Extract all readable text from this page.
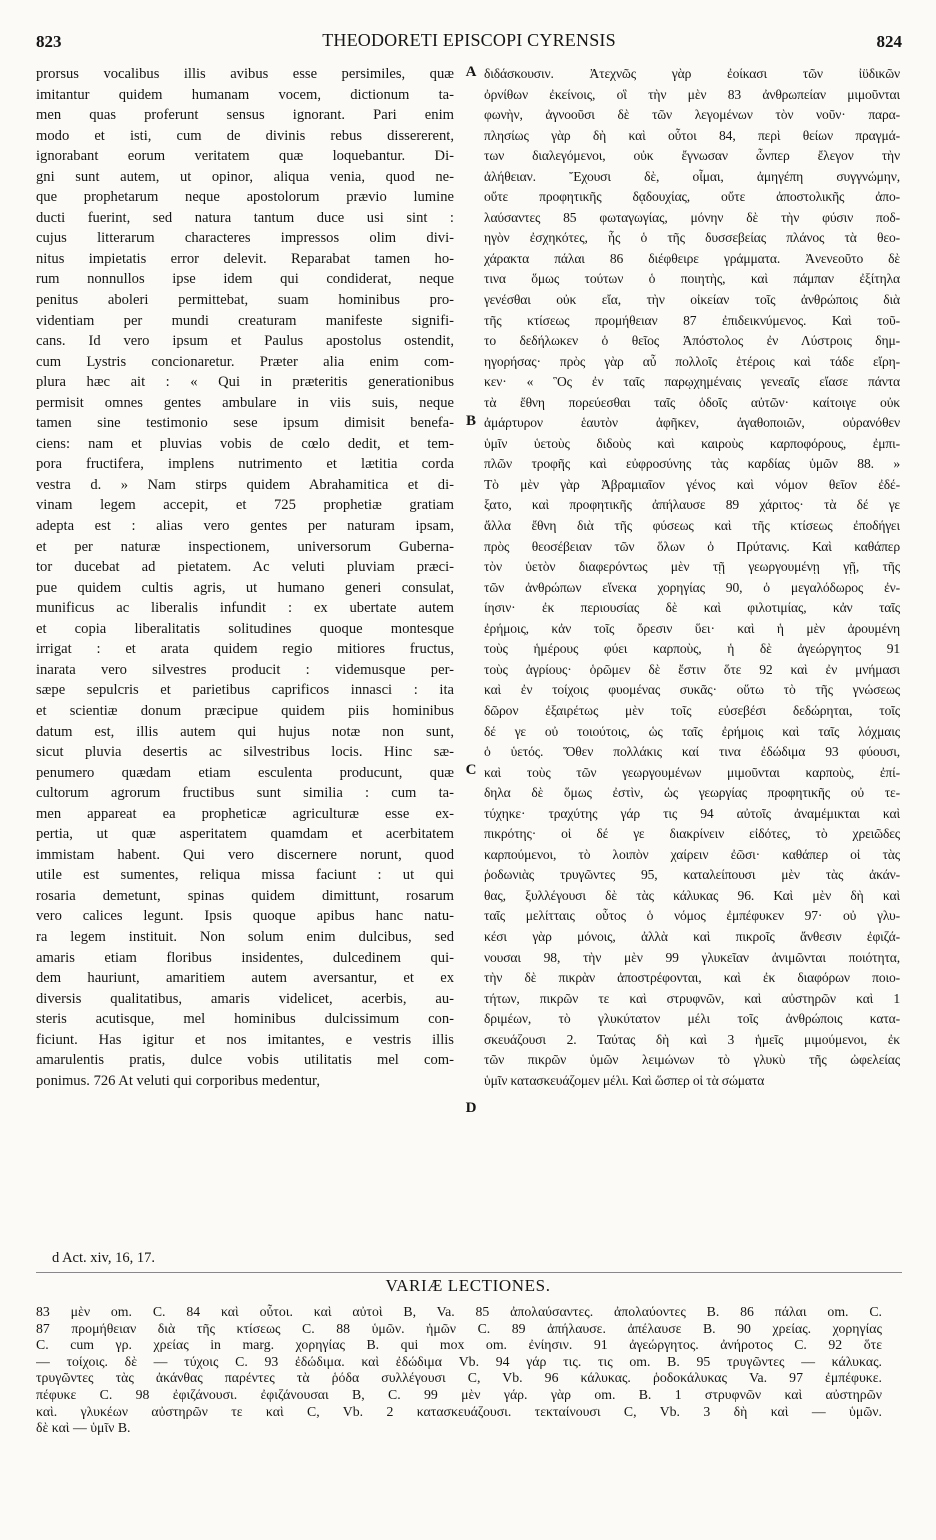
823	THEODORETI EPISCOPI CYRENSIS	824
prorsus vocalibus illis avibus esse persimiles, quæ
imitantur quidem humanam vocem, dictionum ta-
men quas proferunt sensus ignorant. Pari enim
modo et isti, cum de divinis rebus dissererent,
ignorabant eorum veritatem quæ loquebantur. Di-
gni sunt autem, ut opinor, aliqua venia, quod ne-
que prophetarum neque apostolorum prævio lumine
ducti fuerint, sed natura tantum duce usi sint :
cujus litterarum characteres impressos olim divi-
nitus impietatis error delevit. Reparabat tamen ho-
rum nonnullos ipse idem qui condiderat, neque
penitus aboleri permittebat, suam hominibus pro-
videntiam per mundi creaturam manifeste signifi-
cans. Id vero ipsum et Paulus apostolus ostendit,
cum Lystris concionaretur. Præter alia enim com-
plura hæc ait : « Qui in præteritis generationibus
permisit omnes gentes ambulare in viis suis, neque
tamen sine testimonio sese ipsum dimisit benefa-
ciens: nam et pluvias vobis de cœlo dedit, et tem-
pora fructifera, implens nutrimento et lætitia corda
vestra d. » Nam stirps quidem Abrahamitica et di-
vinam legem accepit, et 725 prophetiæ gratiam
adepta est : alias vero gentes per naturam ipsam,
et per naturæ inspectionem, universorum Guberna-
tor ducebat ad pietatem. Ac veluti pluviam præci-
pue quidem cultis agris, ut humano generi consulat,
munificus ac liberalis infundit : ex ubertate autem
et copia liberalitatis solitudines quoque montesque
irrigat : et arata quidem regio mitiores fructus,
inarata vero silvestres producit : videmusque per-
sæpe sepulcris et parietibus caprificos innasci : ita
et scientiæ donum præcipue quidem piis hominibus
datum est, illis autem qui hujus notæ non sunt,
sicut pluvia desertis ac silvestribus locis. Hinc sæ-
penumero quædam etiam esculenta producunt, quæ
cultorum agrorum fructibus sunt similia : cum ta-
men appareat ea propheticæ agriculturæ esse ex-
pertia, ut quæ asperitatem quamdam et acerbitatem
immistam habent. Qui vero discernere norunt, quod
utile est sumentes, reliqua missa faciunt : ut qui
rosaria demetunt, spinas quidem dimittunt, rosarum
vero calices legunt. Ipsis quoque apibus hanc natu-
ra legem instituit. Non solum enim dulcibus, sed
amaris etiam floribus insidentes, dulcedinem qui-
dem hauriunt, amaritiem autem aversantur, et ex
diversis qualitatibus, amaris videlicet, acerbis, au-
steris acutisque, mel hominibus dulcissimum con-
ficiunt. Has igitur et nos imitantes, e vestris illis
amarulentis pratis, dulce vobis utilitatis mel com-
ponimus. 726 At veluti qui corporibus medentur,
διδάσκουσιν. Ἀτεχνῶς γὰρ ἐοίκασι τῶν ἰϋδικῶν
ὀρνίθων ἐκείνοις, οἳ τὴν μὲν 83 ἀνθρωπείαν μιμοῦνται
φωνὴν, ἀγνοοῦσι δὲ τῶν λεγομένων τὸν νοῦν· παρα-
πλησίως γὰρ δὴ καὶ οὗτοι 84, περὶ θείων πραγμά-
των διαλεγόμενοι, οὐκ ἔγνωσαν ὧνπερ ἔλεγον τὴν
ἀλήθειαν. Ἔχουσι δὲ, οἶμαι, ἀμηγέπη συγγνώμην,
οὔτε προφητικῆς δᾳδουχίας, οὔτε ἀποστολικῆς ἀπο-
λαύσαντες 85 φωταγωγίας, μόνην δὲ τὴν φύσιν ποδ-
ηγὸν ἐσχηκότες, ἧς ὁ τῆς δυσσεβείας πλάνος τὰ θεο-
χάρακτα πάλαι 86 διέφθειρε γράμματα. Ἀνενεοῦτο δὲ
τινα ὅμως τούτων ὁ ποιητὴς, καὶ πάμπαν ἐξίτηλα
γενέσθαι οὐκ εἴα, τὴν οἰκείαν τοῖς ἀνθρώποις διὰ
τῆς κτίσεως προμήθειαν 87 ἐπιδεικνύμενος. Καὶ τοῦ-
το δεδήλωκεν ὁ θεῖος Ἀπόστολος ἐν Λύστροις δημ-
ηγορήσας· πρὸς γὰρ αὖ πολλοῖς ἑτέροις καὶ τάδε εἴρη-
κεν· « Ὃς ἐν ταῖς παρῳχημέναις γενεαῖς εἴασε πάντα
τὰ ἔθνη πορεύεσθαι ταῖς ὁδοῖς αὐτῶν· καίτοιγε οὐκ
ἀμάρτυρον ἑαυτὸν ἀφῆκεν, ἀγαθοποιῶν, οὐρανόθεν
ὑμῖν ὑετοὺς διδοὺς καὶ καιροὺς καρποφόρους, ἐμπι-
πλῶν τροφῆς καὶ εὐφροσύνης τὰς καρδίας ὑμῶν 88. »
Τὸ μὲν γὰρ Ἀβραμιαῖον γένος καὶ νόμον θεῖον ἐδέ-
ξατο, καὶ προφητικῆς ἀπήλαυσε 89 χάριτος· τὰ δέ γε
ἄλλα ἔθνη διὰ τῆς φύσεως καὶ τῆς κτίσεως ἐποδήγει
πρὸς θεοσέβειαν τῶν ὅλων ὁ Πρύτανις. Καὶ καθάπερ
τὸν ὑετὸν διαφερόντως μὲν τῇ γεωργουμένῃ γῇ, τῆς
τῶν ἀνθρώπων εἵνεκα χορηγίας 90, ὁ μεγαλόδωρος ἐν-
ίησιν· ἐκ περιουσίας δὲ καὶ φιλοτιμίας, κἀν ταῖς
ἐρήμοις, κἀν τοῖς ὄρεσιν ὕει· καὶ ἡ μὲν ἀρουμένη
τοὺς ἡμέρους φύει καρποὺς, ἡ δὲ ἀγεώργητος 91
τοὺς ἀγρίους· ὁρῶμεν δὲ ἔστιν ὅτε 92 καὶ ἐν μνήμασι
καὶ ἐν τοίχοις φυομένας συκᾶς· οὕτω τὸ τῆς γνώσεως
δῶρον ἐξαιρέτως μὲν τοῖς εὐσεβέσι δεδώρηται, τοῖς
δέ γε οὐ τοιούτοις, ὡς ταῖς ἐρήμοις καὶ ταῖς λόχμαις
ὁ ὑετός. Ὅθεν πολλάκις καί τινα ἐδώδιμα 93 φύουσι,
καὶ τοὺς τῶν γεωργουμένων μιμοῦνται καρποὺς, ἐπί-
δηλα δὲ ὅμως ἐστὶν, ὡς γεωργίας προφητικῆς οὐ τε-
τύχηκε· τραχύτης γάρ τις 94 αὐτοῖς ἀναμέμικται καὶ
πικρότης· οἱ δέ γε διακρίνειν εἰδότες, τὸ χρειῶδες
καρπούμενοι, τὸ λοιπὸν χαίρειν ἐῶσι· καθάπερ οἱ τὰς
ῥοδωνιὰς τρυγῶντες 95, καταλείπουσι μὲν τὰς ἀκάν-
θας, ξυλλέγουσι δὲ τὰς κάλυκας 96. Καὶ μὲν δὴ καὶ
ταῖς μελίτταις οὗτος ὁ νόμος ἐμπέφυκεν 97· οὐ γλυ-
κέσι γὰρ μόνοις, ἀλλὰ καὶ πικροῖς ἄνθεσιν ἐφιζά-
νουσαι 98, τὴν μὲν 99 γλυκεῖαν ἀνιμῶνται ποιότητα,
τὴν δὲ πικρὰν ἀποστρέφονται, καὶ ἐκ διαφόρων ποιο-
τήτων, πικρῶν τε καὶ στρυφνῶν, καὶ αὐστηρῶν καὶ 1
δριμέων, τὸ γλυκύτατον μέλι τοῖς ἀνθρώποις κατα-
σκευάζουσι 2. Ταύτας δὴ καὶ 3 ἡμεῖς μιμούμενοι, ἐκ
τῶν πικρῶν ὑμῶν λειμώνων τὸ γλυκὺ τῆς ὠφελείας
ὑμῖν κατασκευάζομεν μέλι. Καὶ ὥσπερ οἱ τὰ σώματα
A
B
C
D
d Act. xiv, 16, 17.
VARIÆ LECTIONES.
83 μὲν om. C. 84 καὶ οὗτοι. καὶ αὐτοὶ B, Va. 85 ἀπολαύσαντες. ἀπολαύοντες B. 86 πάλαι om. C.
87 προμήθειαν διὰ τῆς κτίσεως C. 88 ὑμῶν. ἡμῶν C. 89 ἀπήλαυσε. ἀπέλαυσε B. 90 χρείας. χορηγίας
C. cum γρ. χρείας in marg. χορηγίας B. qui mox om. ἐνίησιν. 91 ἀγεώργητος. ἀνήροτος C. 92 ὅτε
— τοίχοις. δὲ — τύχοις C. 93 ἐδώδιμα. καὶ ἐδώδιμα Vb. 94 γάρ τις. τις om. B. 95 τρυγῶντες — κάλυκας.
τρυγῶντες τὰς ἀκάνθας παρέντες τὰ ῥόδα συλλέγουσι C, Vb. 96 κάλυκας. ῥοδοκάλυκας Va. 97 ἐμπέφυκε.
πέφυκε C. 98 ἐφιζάνουσι. ἐφιζάνουσαι B, C. 99 μὲν γάρ. γὰρ om. B. 1 στρυφνῶν καὶ αὐστηρῶν
καὶ. γλυκέων αὐστηρῶν τε καὶ C, Vb. 2 κατασκευάζουσι. τεκταίνουσι C, Vb. 3 δὴ καὶ — ὑμῶν.
δὲ καὶ — ὑμῖν B.
